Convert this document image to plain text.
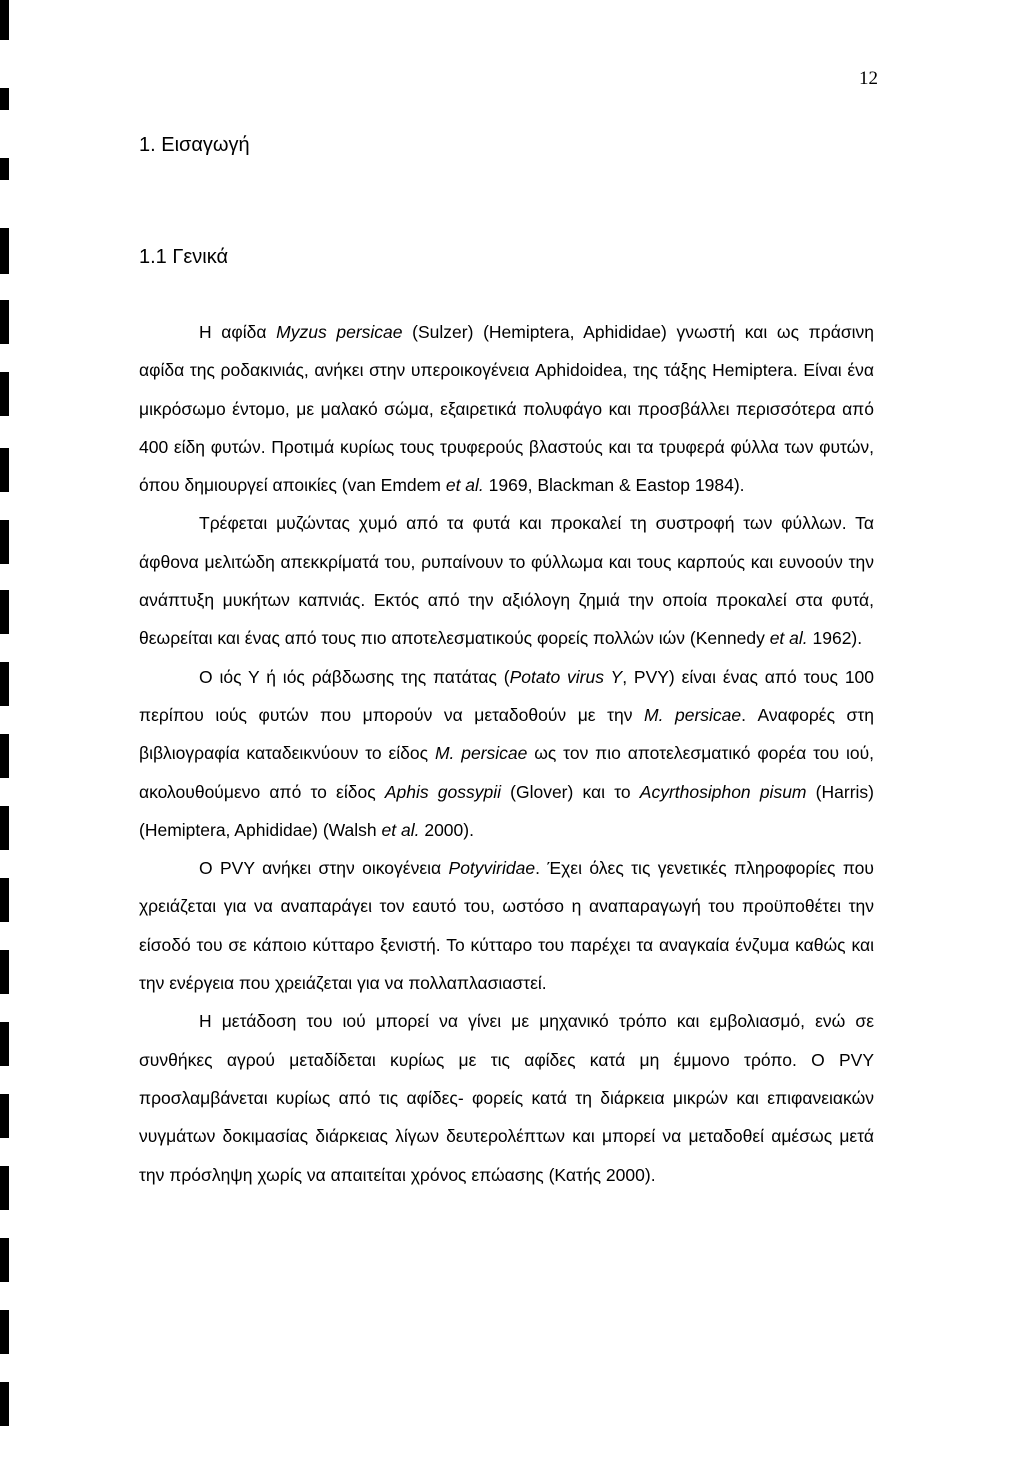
12
1. Εισαγωγή
1.1 Γενικά

Η αφίδα Myzus persicae (Sulzer) (Hemiptera, Aphididae) γνωστή και ως πράσινη αφίδα της ροδακινιάς, ανήκει στην υπεροικογένεια Aphidoidea, της τάξης Hemiptera. Είναι ένα μικρόσωμο έντομο, με μαλακό σώμα, εξαιρετικά πολυφάγο και προσβάλλει περισσότερα από 400 είδη φυτών. Προτιμά κυρίως τους τρυφερούς βλαστούς και τα τρυφερά φύλλα των φυτών, όπου δημιουργεί αποικίες (van Emdem et al. 1969, Blackman & Eastop 1984).

Τρέφεται μυζώντας χυμό από τα φυτά και προκαλεί τη συστροφή των φύλλων. Τα άφθονα μελιτώδη απεκκρίματά του, ρυπαίνουν το φύλλωμα και τους καρπούς και ευνοούν την ανάπτυξη μυκήτων καπνιάς. Εκτός από την αξιόλογη ζημιά την οποία προκαλεί στα φυτά, θεωρείται και ένας από τους πιο αποτελεσματικούς φορείς πολλών ιών (Kennedy et al. 1962).

Ο ιός Υ ή ιός ράβδωσης της πατάτας (Potato virus Y, PVY) είναι ένας από τους 100 περίπου ιούς φυτών που μπορούν να μεταδοθούν με την M. persicae. Αναφορές στη βιβλιογραφία καταδεικνύουν το είδος M. persicae ως τον πιο αποτελεσματικό φορέα του ιού, ακολουθούμενο από το είδος Aphis gossypii (Glover) και το Acyrthosiphon pisum (Harris) (Hemiptera, Aphididae) (Walsh et al. 2000).

Ο PVY ανήκει στην οικογένεια Potyviridae. Έχει όλες τις γενετικές πληροφορίες που χρειάζεται για να αναπαράγει τον εαυτό του, ωστόσο η αναπαραγωγή του προϋποθέτει την είσοδό του σε κάποιο κύτταρο ξενιστή. Το κύτταρο του παρέχει τα αναγκαία ένζυμα καθώς και την ενέργεια που χρειάζεται για να πολλαπλασιαστεί.

Η μετάδοση του ιού μπορεί να γίνει με μηχανικό τρόπο και εμβολιασμό, ενώ σε συνθήκες αγρού μεταδίδεται κυρίως με τις αφίδες κατά μη έμμονο τρόπο. Ο PVY προσλαμβάνεται κυρίως από τις αφίδες- φορείς κατά τη διάρκεια μικρών και επιφανειακών νυγμάτων δοκιμασίας διάρκειας λίγων δευτερολέπτων και μπορεί να μεταδοθεί αμέσως μετά την πρόσληψη χωρίς να απαιτείται χρόνος επώασης (Κατής 2000).
